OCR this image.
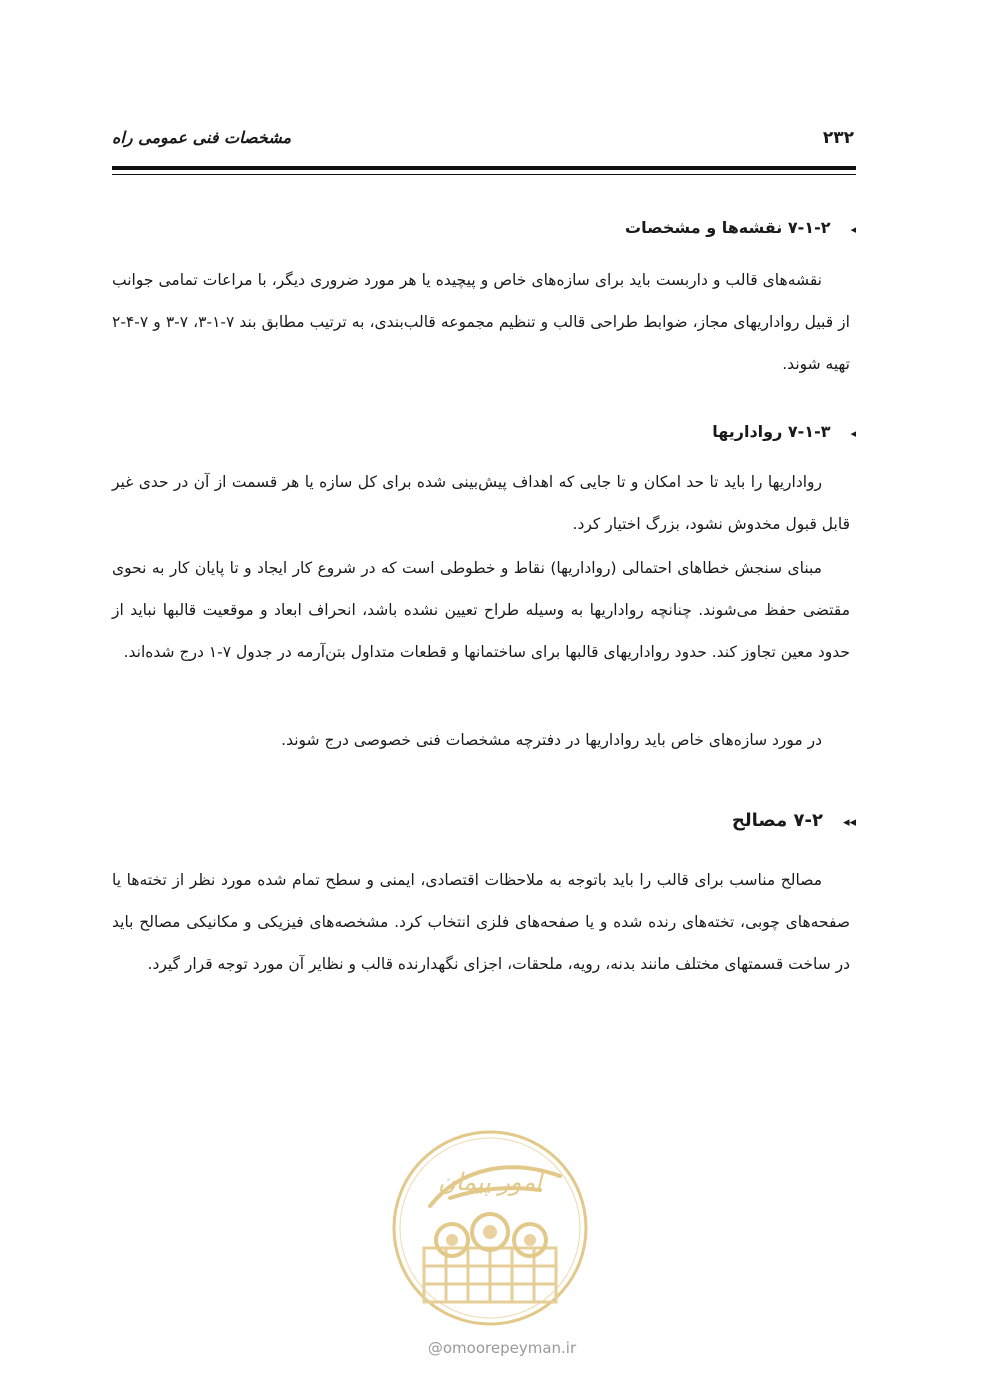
۲۳۲
مشخصات فنی عمومی راه
◂۷-۱-۲ نقشه‌ها و مشخصات

نقشه‌های قالب و داربست باید برای سازه‌های خاص و پیچیده یا هر مورد ضروری دیگر، با مراعات تمامی جوانب از قبیل رواداریهای مجاز، ضوابط طراحی قالب و تنظیم مجموعه قالب‌بندی، به ترتیب مطابق بند ۷-۱-۳، ۷-۳ و ۷-۴-۲ تهیه شوند.

◂۷-۱-۳ رواداریها

رواداریها را باید تا حد امکان و تا جایی که اهداف پیش‌بینی شده برای کل سازه یا هر قسمت از آن در حدی غیر قابل قبول مخدوش نشود، بزرگ اختیار کرد.

مبنای سنجش خطاهای احتمالی (رواداریها) نقاط و خطوطی است که در شروع کار ایجاد و تا پایان کار به نحوی مقتضی حفظ می‌شوند. چنانچه رواداریها به وسیله طراح تعیین نشده باشد، انحراف ابعاد و موقعیت قالبها نباید از حدود معین تجاوز کند. حدود رواداریهای قالبها برای ساختمانها و قطعات متداول بتن‌آرمه در جدول ۷-۱ درج شده‌اند.

در مورد سازه‌های خاص باید رواداریها در دفترچه مشخصات فنی خصوصی درج شوند.

◂◂۷-۲ مصالح

مصالح مناسب برای قالب را باید باتوجه به ملاحظات اقتصادی، ایمنی و سطح تمام شده مورد نظر از تخته‌ها یا صفحه‌های چوبی، تخته‌های رنده شده و یا صفحه‌های فلزی انتخاب کرد. مشخصه‌های فیزیکی و مکانیکی مصالح باید در ساخت قسمتهای مختلف مانند بدنه، رویه، ملحقات، اجزای نگهدارنده قالب و نظایر آن مورد توجه قرار گیرد.

امور پیمان
@omoorepeyman.ir
